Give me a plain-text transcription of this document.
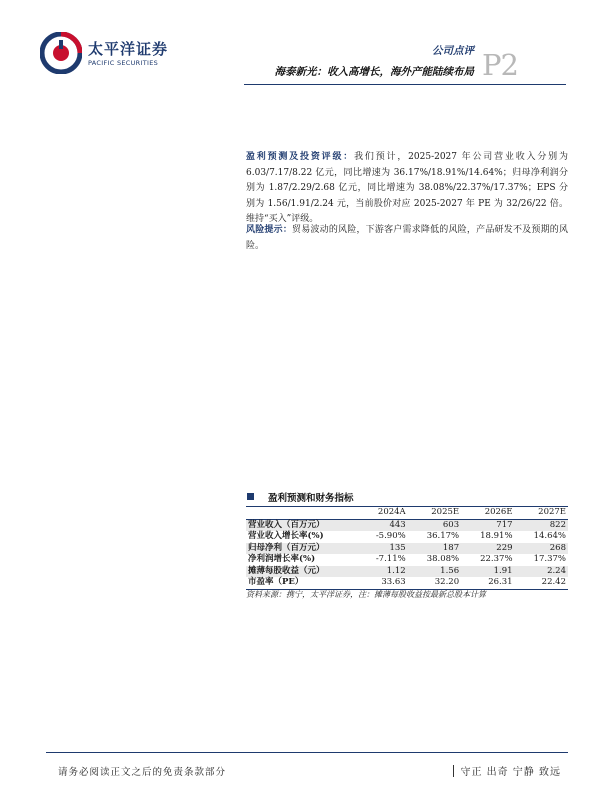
太平洋证券
PACIFIC SECURITIES
公司点评
海泰新光：收入高增长，海外产能陆续布局 P2
盈利预测及投资评级：我们预计，2025-2027 年公司营业收入分别为 6.03/7.17/8.22 亿元，同比增速为 36.17%/18.91%/14.64%；归母净利润分别为 1.87/2.29/2.68 亿元，同比增速为 38.08%/22.37%/17.37%；EPS 分别为 1.56/1.91/2.24 元，当前股价对应 2025-2027 年 PE 为 32/26/22 倍。维持“买入”评级。
风险提示：贸易波动的风险，下游客户需求降低的风险，产品研发不及预期的风险。
盈利预测和财务指标
	2024A	2025E	2026E	2027E
营业收入（百万元）	443	603	717	822
营业收入增长率(%)	-5.90%	36.17%	18.91%	14.64%
归母净利（百万元）	135	187	229	268
净利润增长率(%)	-7.11%	38.08%	22.37%	17.37%
摊薄每股收益（元）	1.12	1.56	1.91	2.24
市盈率（PE）	33.63	32.20	26.31	22.42
资料来源：携宁，太平洋证券，注：摊薄每股收益按最新总股本计算
请务必阅读正文之后的免责条款部分	守正 出奇 宁静 致远
